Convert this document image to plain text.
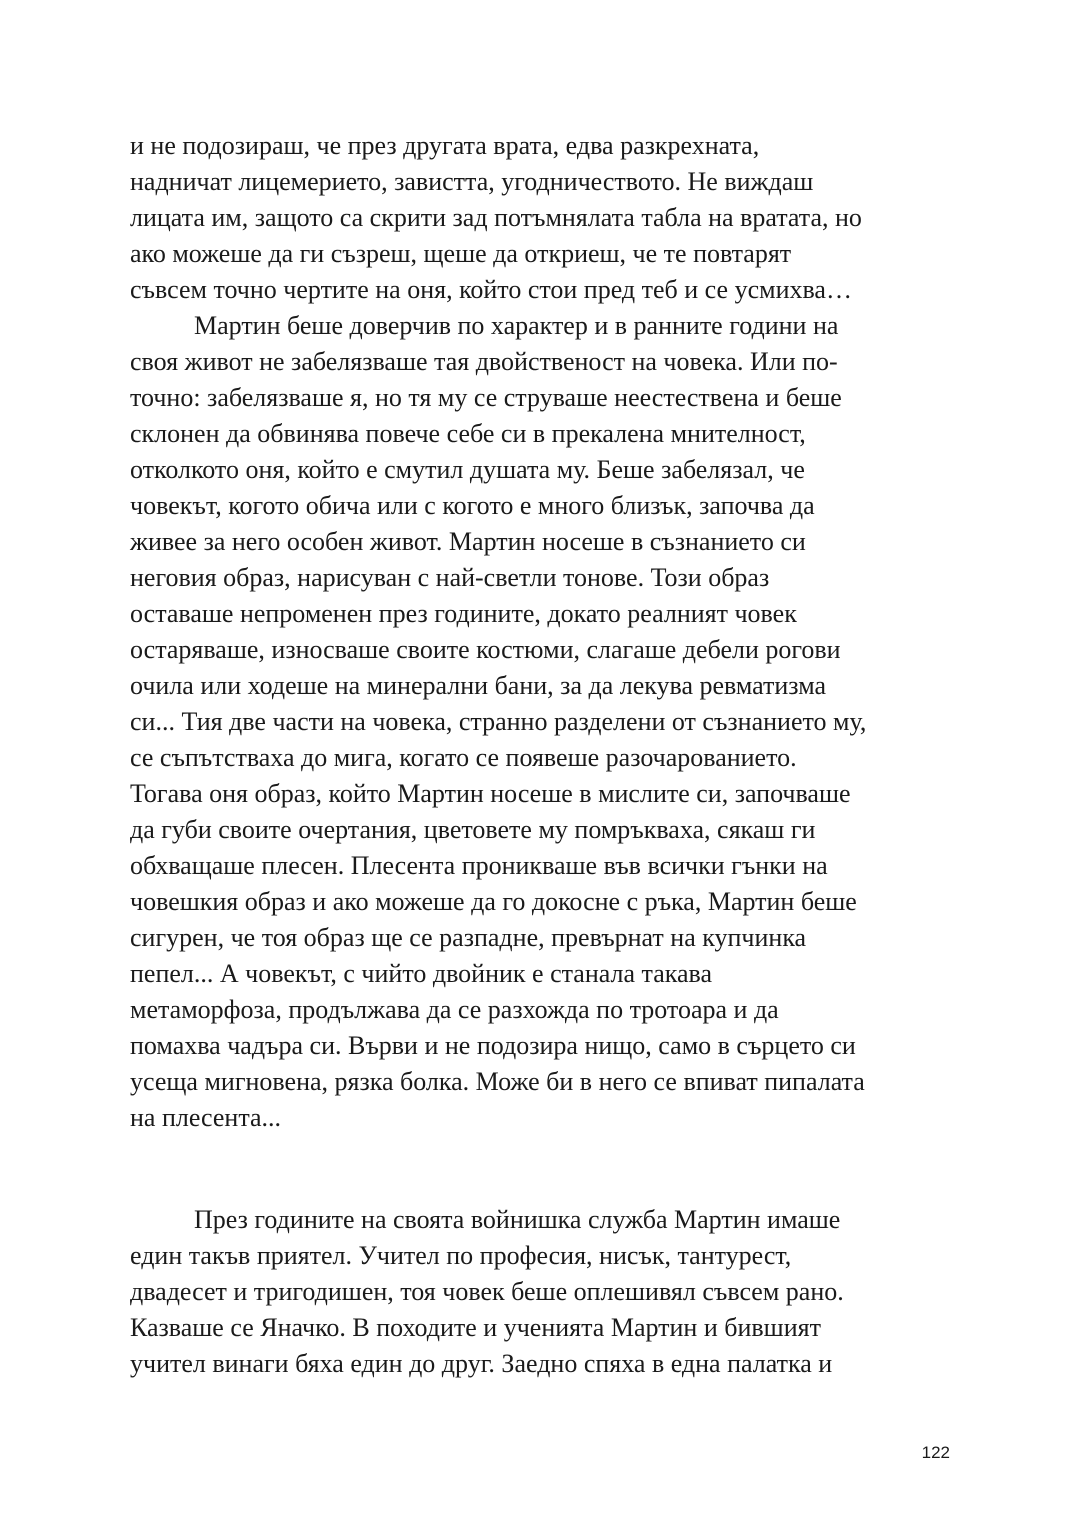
и не подозираш, че през другата врата, едва разкрехната,
надничат лицемерието, завистта, угодничеството. Не виждаш
лицата им, защото са скрити зад потъмнялата табла на вратата, но
ако можеше да ги съзреш, щеше да откриеш, че те повтарят
съвсем точно чертите на оня, който стои пред теб и се усмихва…
Мартин беше доверчив по характер и в ранните години на
своя живот не забелязваше тая двойственост на човека. Или по-
точно: забелязваше я, но тя му се струваше неестествена и беше
склонен да обвинява повече себе си в прекалена мнителност,
отколкото оня, който е смутил душата му. Беше забелязал, че
човекът, когото обича или с когото е много близък, започва да
живее за него особен живот. Мартин носеше в съзнанието си
неговия образ, нарисуван с най-светли тонове. Този образ
оставаше непроменен през годините, докато реалният човек
остаряваше, износваше своите костюми, слагаше дебели рогови
очила или ходеше на минерални бани, за да лекува ревматизма
си... Тия две части на човека, странно разделени от съзнанието му,
се съпътстваха до мига, когато се появеше разочарованието.
Тогава оня образ, който Мартин носеше в мислите си, започваше
да губи своите очертания, цветовете му помръкваха, сякаш ги
обхващаше плесен. Плесента проникваше във всички гънки на
човешкия образ и ако можеше да го докосне с ръка, Мартин беше
сигурен, че тоя образ ще се разпадне, превърнат на купчинка
пепел... А човекът, с чийто двойник е станала такава
метаморфоза, продължава да се разхожда по тротоара и да
помахва чадъра си. Върви и не подозира нищо, само в сърцето си
усеща мигновена, рязка болка. Може би в него се впиват пипалата
на плесента...
През годините на своята войнишка служба Мартин имаше
един такъв приятел. Учител по професия, нисък, тантурест,
двадесет и тригодишен, тоя човек беше оплешивял съвсем рано.
Казваше се Яначко. В походите и ученията Мартин и бившият
учител винаги бяха един до друг. Заедно спяха в една палатка и
122
